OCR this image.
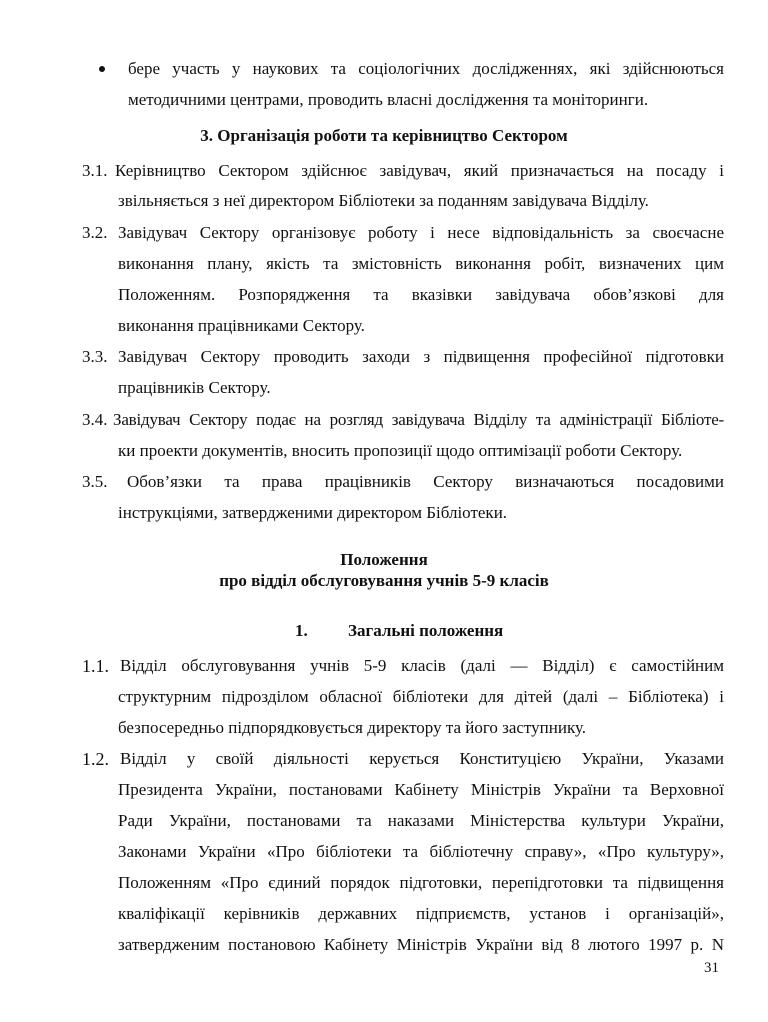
бере участь у наукових та соціологічних дослідженнях, які здійснюються

методичними центрами, проводить власні дослідження та моніторинги.

3. Організація роботи та керівництво Сектором

3.1. Керівництво Сектором здійснює завідувач, який призначається на посаду і

звільняється з неї директором Бібліотеки за поданням завідувача Відділу.

3.2. Завідувач Сектору організовує роботу і несе відповідальність за своєчасне

виконання плану, якість та змістовність виконання робіт, визначених цим

Положенням. Розпорядження та вказівки завідувача обов’язкові для

виконання працівниками Сектору.

3.3. Завідувач Сектору проводить заходи з підвищення професійної підготовки

працівників Сектору.

3.4. Завідувач Сектору подає на розгляд завідувача Відділу та адміністрації Бібліоте-

ки проекти документів, вносить пропозиції щодо оптимізації роботи Сектору.

3.5. Обов’язки та права працівників Сектору визначаються посадовими

інструкціями, затвердженими директором Бібліотеки.

Положення

про відділ обслуговування учнів 5-9 класів

1. Загальні положення

1.1. Відділ обслуговування учнів 5-9 класів (далі — Відділ) є самостійним

структурним підрозділом обласної бібліотеки для дітей (далі – Бібліотека) і

безпосередньо підпорядковується директору та його заступнику.

1.2. Відділ у своїй діяльності керується Конституцією України, Указами

Президента України, постановами Кабінету Міністрів України та Верховної

Ради України, постановами та наказами Міністерства культури України,

Законами України «Про бібліотеки та бібліотечну справу», «Про культуру»,

Положенням «Про єдиний порядок підготовки, перепідготовки та підвищення

кваліфікації керівників державних підприємств, установ і організацій»,

затвердженим постановою Кабінету Міністрів України від 8 лютого 1997 р. N

31
